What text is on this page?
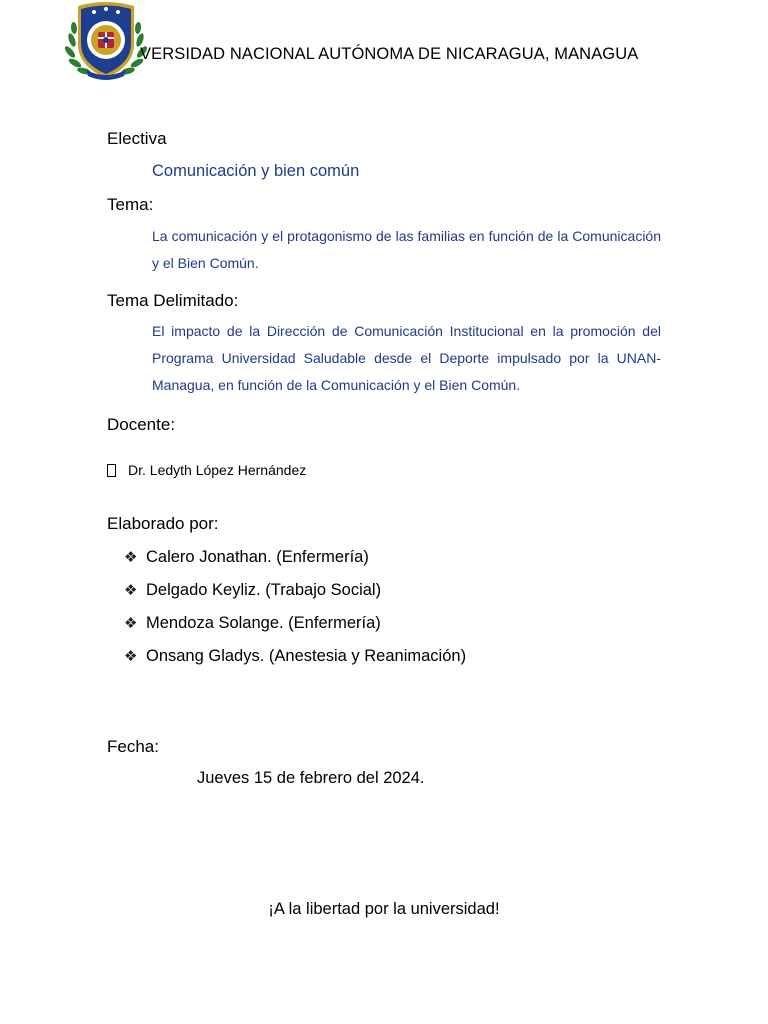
VERSIDAD NACIONAL AUTÓNOMA DE NICARAGUA, MANAGUA
Electiva
Comunicación y bien común
Tema:
La comunicación y el protagonismo de las familias en función de la Comunicación y el Bien Común.
Tema Delimitado:
El impacto de la Dirección de Comunicación Institucional en la promoción del Programa Universidad Saludable desde el Deporte impulsado por la UNAN-Managua, en función de la Comunicación y el Bien Común.
Docente:
Dr. Ledyth López Hernández
Elaborado por:
❖ Calero Jonathan. (Enfermería)
❖ Delgado Keyliz. (Trabajo Social)
❖ Mendoza Solange. (Enfermería)
❖ Onsang Gladys. (Anestesia y Reanimación)
Fecha:
Jueves 15 de febrero del 2024.
¡A la libertad por la universidad!
